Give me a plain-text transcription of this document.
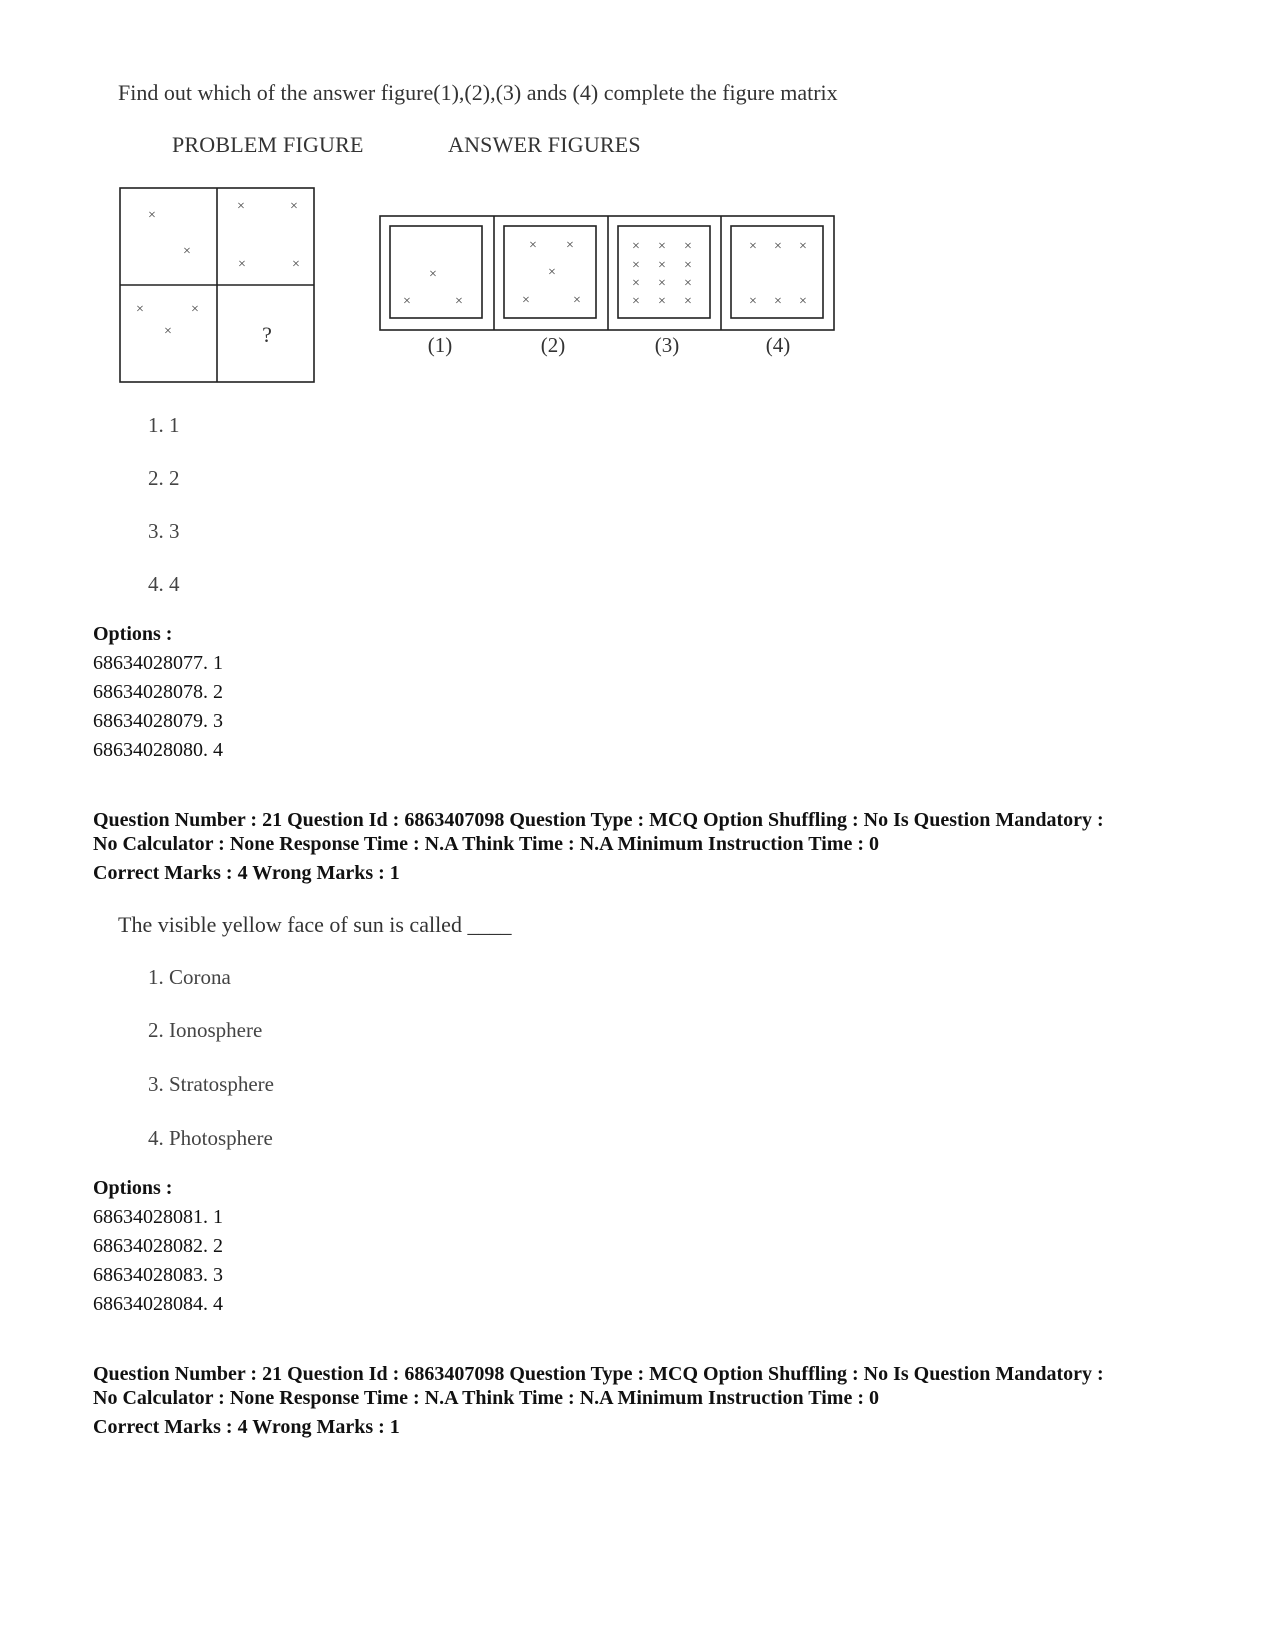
Find out which of the answer figure(1),(2),(3) ands (4) complete the figure matrix
PROBLEM FIGURE	ANSWER FIGURES
×
×
×	×
×	×
×	×
×	?
×
×	×
× ×
×
×	×
× × ×
× × ×
× × ×
× × ×
× × ×
× × ×
(1)	(2)	(3)	(4)
1. 1
2. 2
3. 3
4. 4
Options :
68634028077. 1
68634028078. 2
68634028079. 3
68634028080. 4
Question Number : 21 Question Id : 6863407098 Question Type : MCQ Option Shuffling : No Is Question Mandatory :
No Calculator : None Response Time : N.A Think Time : N.A Minimum Instruction Time : 0
Correct Marks : 4 Wrong Marks : 1
The visible yellow face of sun is called ____
1. Corona
2. Ionosphere
3. Stratosphere
4. Photosphere
Options :
68634028081. 1
68634028082. 2
68634028083. 3
68634028084. 4
Question Number : 21 Question Id : 6863407098 Question Type : MCQ Option Shuffling : No Is Question Mandatory :
No Calculator : None Response Time : N.A Think Time : N.A Minimum Instruction Time : 0
Correct Marks : 4 Wrong Marks : 1
